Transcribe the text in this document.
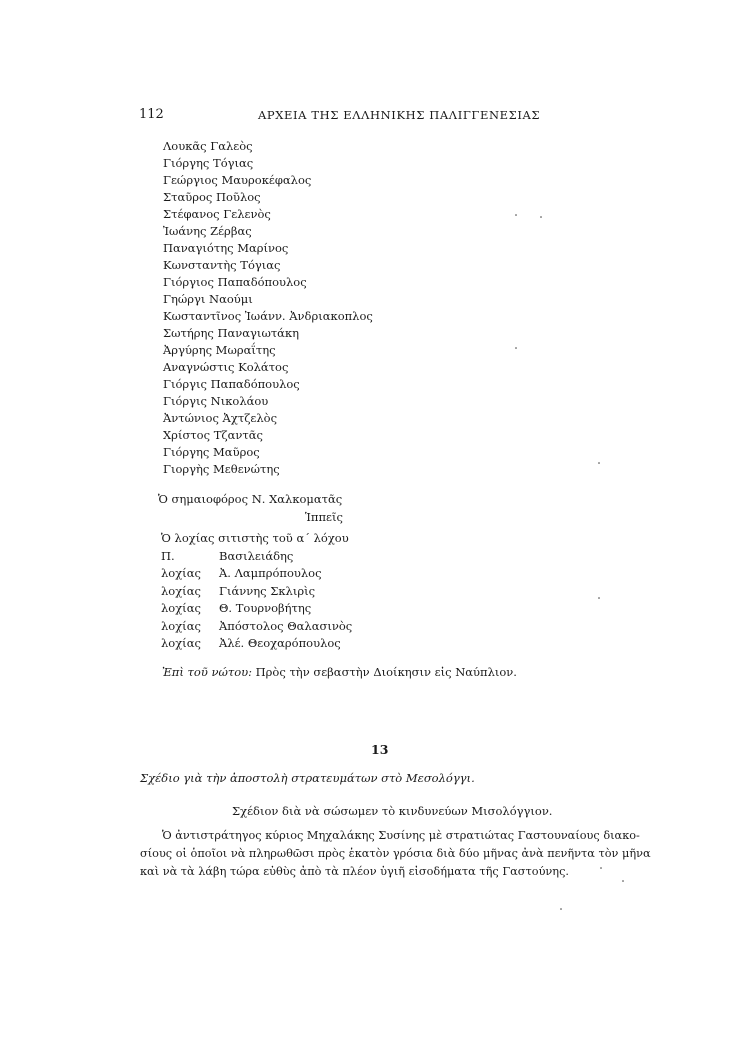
112	ΑΡΧΕΙΑ ΤΗΣ ΕΛΛΗΝΙΚΗΣ ΠΑΛΙΓΓΕΝΕΣΙΑΣ
Λουκᾶς Γαλεὸς
Γιόργης Τόγιας
Γεώργιος Μαυροκέφαλος
Σταῦρος Ποῦλος
Στέφανος Γελενὸς
Ἰωάνης Ζέρβας
Παναγιότης Μαρίνος
Κωνσταντὴς Τόγιας
Γιόργιος Παπαδόπουλος
Γηώργι Ναούμι
Κωσταντῖνος Ἰωάνν. Ἀνδριακοπλος
Σωτήρης Παναγιωτάκη
Ἀργύρης Μωραΐτης
Αναγνώστις Κολάτος
Γιόργις Παπαδόπουλος
Γιόργις Νικολάου
Ἀντώνιος Ἀχτζελὸς
Χρίστος Τζαντᾶς
Γιόργης Μαῦρος
Γιοργὴς Μεθενώτης
Ὁ σημαιοφόρος Ν. Χαλκοματᾶς
Ἱππεῖς
Ὁ λοχίας σιτιστὴς τοῦ α΄ λόχου
Π.	Βασιλειάδης
λοχίας Ἀ. Λαμπρόπουλος
λοχίας Γιάννης Σκλιρὶς
λοχίας Θ. Τουρνοβήτης
λοχίας Ἀπόστολος Θαλασινὸς
λοχίας Ἀλέ. Θεοχαρόπουλος
Ἐπὶ τοῦ νώτου: Πρὸς τὴν σεβαστὴν Διοίκησιν εἰς Ναύπλιον.
13
Σχέδιο γιὰ τὴν ἀποστολὴ στρατευμάτων στὸ Μεσολόγγι.
Σχέδιον διὰ νὰ σώσωμεν τὸ κινδυνεύων Μισολόγγιον.

Ὁ ἀντιστράτηγος κύριος Μηχαλάκης Συσίνης μὲ στρατιώτας Γαστουναίους διακο-
σίους οἱ ὁποῖοι νὰ πληρωθῶσι πρὸς ἑκατὸν γρόσια διὰ δύο μῆνας ἀνὰ πενῆντα τὸν μῆνα
καὶ νὰ τὰ λάβη τώρα εὐθὺς ἀπὸ τὰ πλέον ὑγιῆ εἰσοδήματα τῆς Γαστούνης.
